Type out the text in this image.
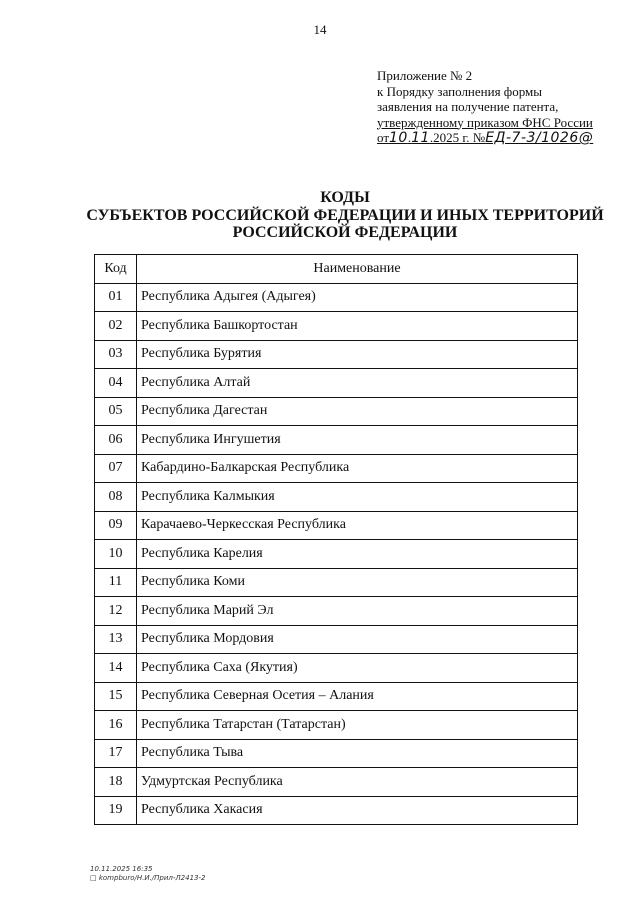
14
Приложение № 2
к Порядку заполнения формы
заявления на получение патента,
утвержденному приказом ФНС России
от10.11.2025 г. №ЕД-7-3/1026@
КОДЫ
СУБЪЕКТОВ РОССИЙСКОЙ ФЕДЕРАЦИИ И ИНЫХ ТЕРРИТОРИЙ
РОССИЙСКОЙ ФЕДЕРАЦИИ
Код	Наименование
01	Республика Адыгея (Адыгея)
02	Республика Башкортостан
03	Республика Бурятия
04	Республика Алтай
05	Республика Дагестан
06	Республика Ингушетия
07	Кабардино-Балкарская Республика
08	Республика Калмыкия
09	Карачаево-Черкесская Республика
10	Республика Карелия
11	Республика Коми
12	Республика Марий Эл
13	Республика Мордовия
14	Республика Саха (Якутия)
15	Республика Северная Осетия – Алания
16	Республика Татарстан (Татарстан)
17	Республика Тыва
18	Удмуртская Республика
19	Республика Хакасия
10.11.2025 16:35
□ kompburo/Н.И./Прил-Л2413-2
